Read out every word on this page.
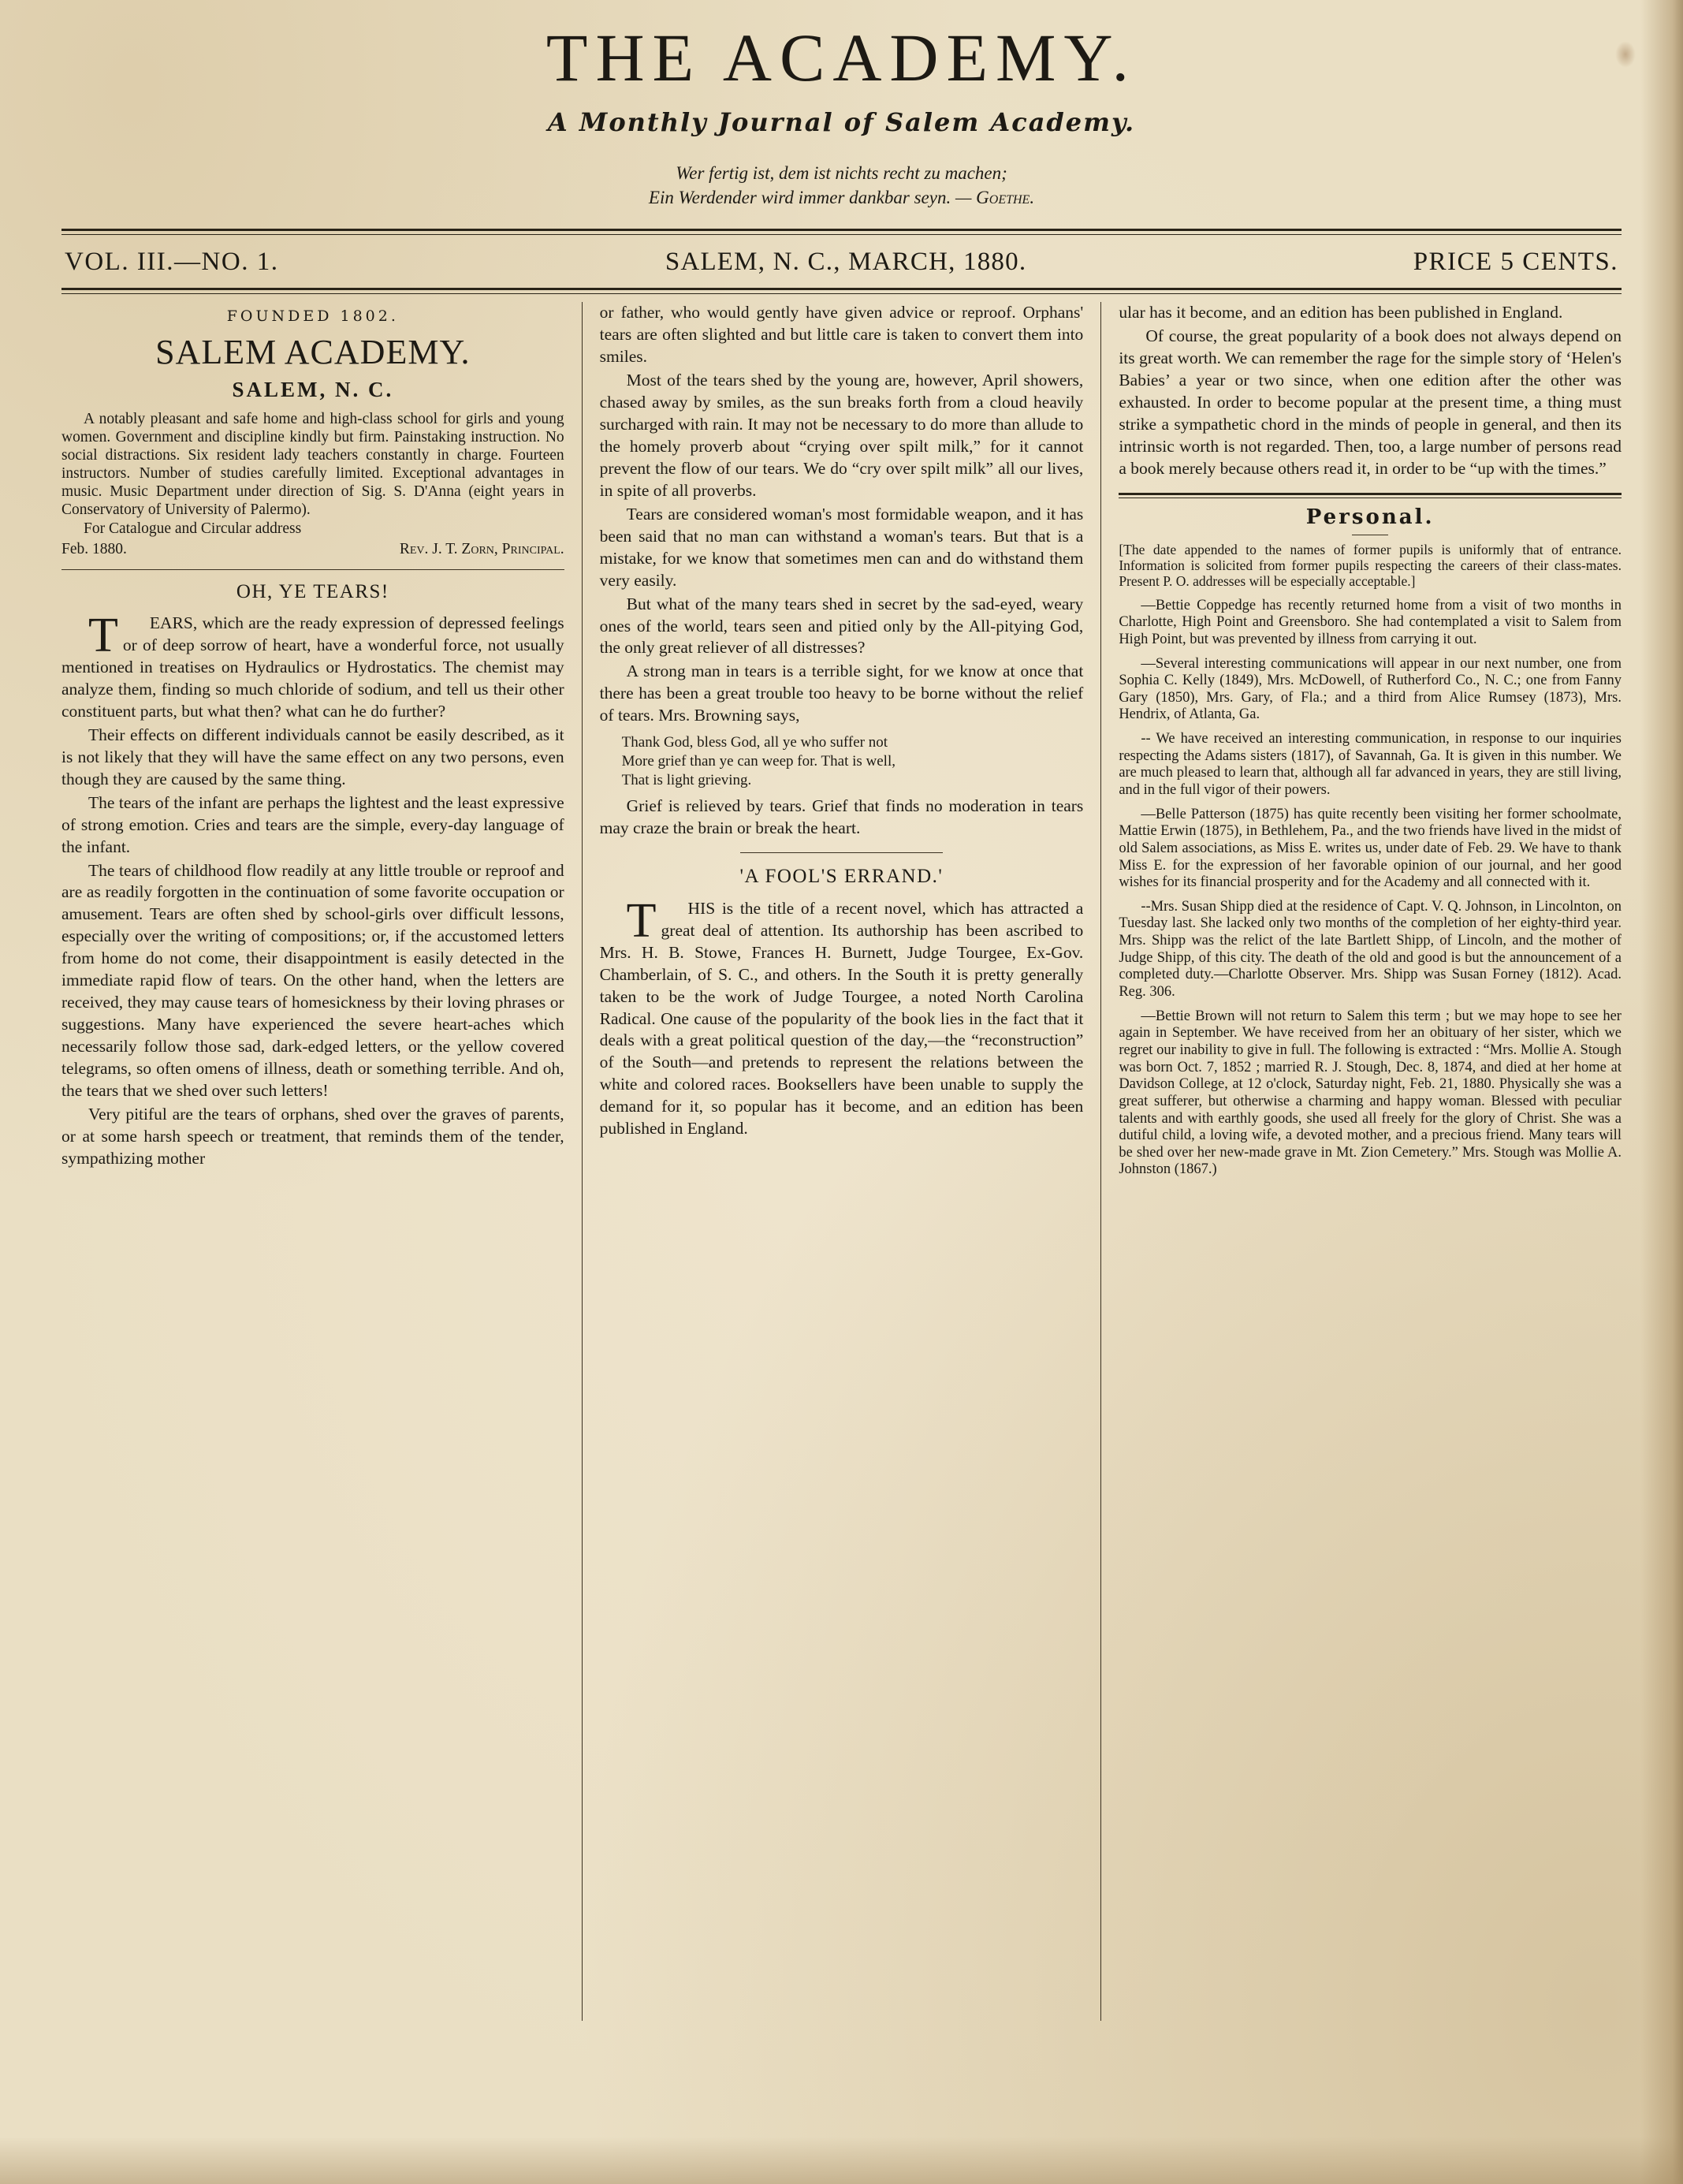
THE ACADEMY.
A Monthly Journal of Salem Academy.
Wer fertig ist, dem ist nichts recht zu machen;
Ein Werdender wird immer dankbar seyn. — Goethe.
VOL. III.—NO. 1.	SALEM, N. C., MARCH, 1880.	PRICE 5 CENTS.
FOUNDED 1802.
SALEM ACADEMY.
SALEM, N. C.

A notably pleasant and safe home and high-class school for girls and young women. Government and discipline kindly but firm. Painstaking instruction. No social distractions. Six resident lady teachers constantly in charge. Fourteen instructors. Number of studies carefully limited. Exceptional advantages in music. Music Department under direction of Sig. S. D'Anna (eight years in Conservatory of University of Palermo).

For Catalogue and Circular address

Feb. 1880.	Rev. J. T. Zorn, Principal.
OH, YE TEARS!

T EARS, which are the ready expression of depressed feelings or of deep sorrow of heart, have a wonderful force, not usually mentioned in treatises on Hydraulics or Hydrostatics. The chemist may analyze them, finding so much chloride of sodium, and tell us their other constituent parts, but what then? what can he do further?

Their effects on different individuals cannot be easily described, as it is not likely that they will have the same effect on any two persons, even though they are caused by the same thing.

The tears of the infant are perhaps the lightest and the least expressive of strong emotion. Cries and tears are the simple, every-day language of the infant.

The tears of childhood flow readily at any little trouble or reproof and are as readily forgotten in the continuation of some favorite occupation or amusement. Tears are often shed by school-girls over difficult lessons, especially over the writing of compositions; or, if the accustomed letters from home do not come, their disappointment is easily detected in the immediate rapid flow of tears. On the other hand, when the letters are received, they may cause tears of homesickness by their loving phrases or suggestions. Many have experienced the severe heart-aches which necessarily follow those sad, dark-edged letters, or the yellow covered telegrams, so often omens of illness, death or something terrible. And oh, the tears that we shed over such letters!

Very pitiful are the tears of orphans, shed over the graves of parents, or at some harsh speech or treatment, that reminds them of the tender, sympathizing mother

or father, who would gently have given advice or reproof. Orphans' tears are often slighted and but little care is taken to convert them into smiles.

Most of the tears shed by the young are, however, April showers, chased away by smiles, as the sun breaks forth from a cloud heavily surcharged with rain. It may not be necessary to do more than allude to the homely proverb about “crying over spilt milk,” for it cannot prevent the flow of our tears. We do “cry over spilt milk” all our lives, in spite of all proverbs.

Tears are considered woman's most formidable weapon, and it has been said that no man can withstand a woman's tears. But that is a mistake, for we know that sometimes men can and do withstand them very easily.

But what of the many tears shed in secret by the sad-eyed, weary ones of the world, tears seen and pitied only by the All-pitying God, the only great reliever of all distresses?

A strong man in tears is a terrible sight, for we know at once that there has been a great trouble too heavy to be borne without the relief of tears. Mrs. Browning says,

Thank God, bless God, all ye who suffer not
More grief than ye can weep for. That is well,
That is light grieving.

Grief is relieved by tears. Grief that finds no moderation in tears may craze the brain or break the heart.

'A FOOL'S ERRAND.'

T HIS is the title of a recent novel, which has attracted a great deal of attention. Its authorship has been ascribed to Mrs. H. B. Stowe, Frances H. Burnett, Judge Tourgee, Ex-Gov. Chamberlain, of S. C., and others. In the South it is pretty generally taken to be the work of Judge Tourgee, a noted North Carolina Radical. One cause of the popularity of the book lies in the fact that it deals with a great political question of the day,—the “reconstruction” of the South—and pretends to represent the relations between the white and colored races. Booksellers have been unable to supply the demand for it, so popular has it become, and an edition has been published in England.

ular has it become, and an edition has been published in England.

Of course, the great popularity of a book does not always depend on its great worth. We can remember the rage for the simple story of ‘Helen's Babies’ a year or two since, when one edition after the other was exhausted. In order to become popular at the present time, a thing must strike a sympathetic chord in the minds of people in general, and then its intrinsic worth is not regarded. Then, too, a large number of persons read a book merely because others read it, in order to be “up with the times.”

Personal.
[The date appended to the names of former pupils is uniformly that of entrance. Information is solicited from former pupils respecting the careers of their class-mates. Present P. O. addresses will be especially acceptable.]
—Bettie Coppedge has recently returned home from a visit of two months in Charlotte, High Point and Greensboro. She had contemplated a visit to Salem from High Point, but was prevented by illness from carrying it out.
—Several interesting communications will appear in our next number, one from Sophia C. Kelly (1849), Mrs. McDowell, of Rutherford Co., N. C.; one from Fanny Gary (1850), Mrs. Gary, of Fla.; and a third from Alice Rumsey (1873), Mrs. Hendrix, of Atlanta, Ga.
-- We have received an interesting communication, in response to our inquiries respecting the Adams sisters (1817), of Savannah, Ga. It is given in this number. We are much pleased to learn that, although all far advanced in years, they are still living, and in the full vigor of their powers.
—Belle Patterson (1875) has quite recently been visiting her former schoolmate, Mattie Erwin (1875), in Bethlehem, Pa., and the two friends have lived in the midst of old Salem associations, as Miss E. writes us, under date of Feb. 29. We have to thank Miss E. for the expression of her favorable opinion of our journal, and her good wishes for its financial prosperity and for the Academy and all connected with it.
--Mrs. Susan Shipp died at the residence of Capt. V. Q. Johnson, in Lincolnton, on Tuesday last. She lacked only two months of the completion of her eighty-third year. Mrs. Shipp was the relict of the late Bartlett Shipp, of Lincoln, and the mother of Judge Shipp, of this city. The death of the old and good is but the announcement of a completed duty.—Charlotte Observer. Mrs. Shipp was Susan Forney (1812). Acad. Reg. 306.
—Bettie Brown will not return to Salem this term ; but we may hope to see her again in September. We have received from her an obituary of her sister, which we regret our inability to give in full. The following is extracted : “Mrs. Mollie A. Stough was born Oct. 7, 1852 ; married R. J. Stough, Dec. 8, 1874, and died at her home at Davidson College, at 12 o'clock, Saturday night, Feb. 21, 1880. Physically she was a great sufferer, but otherwise a charming and happy woman. Blessed with peculiar talents and with earthly goods, she used all freely for the glory of Christ. She was a dutiful child, a loving wife, a devoted mother, and a precious friend. Many tears will be shed over her new-made grave in Mt. Zion Cemetery.” Mrs. Stough was Mollie A. Johnston (1867.)
